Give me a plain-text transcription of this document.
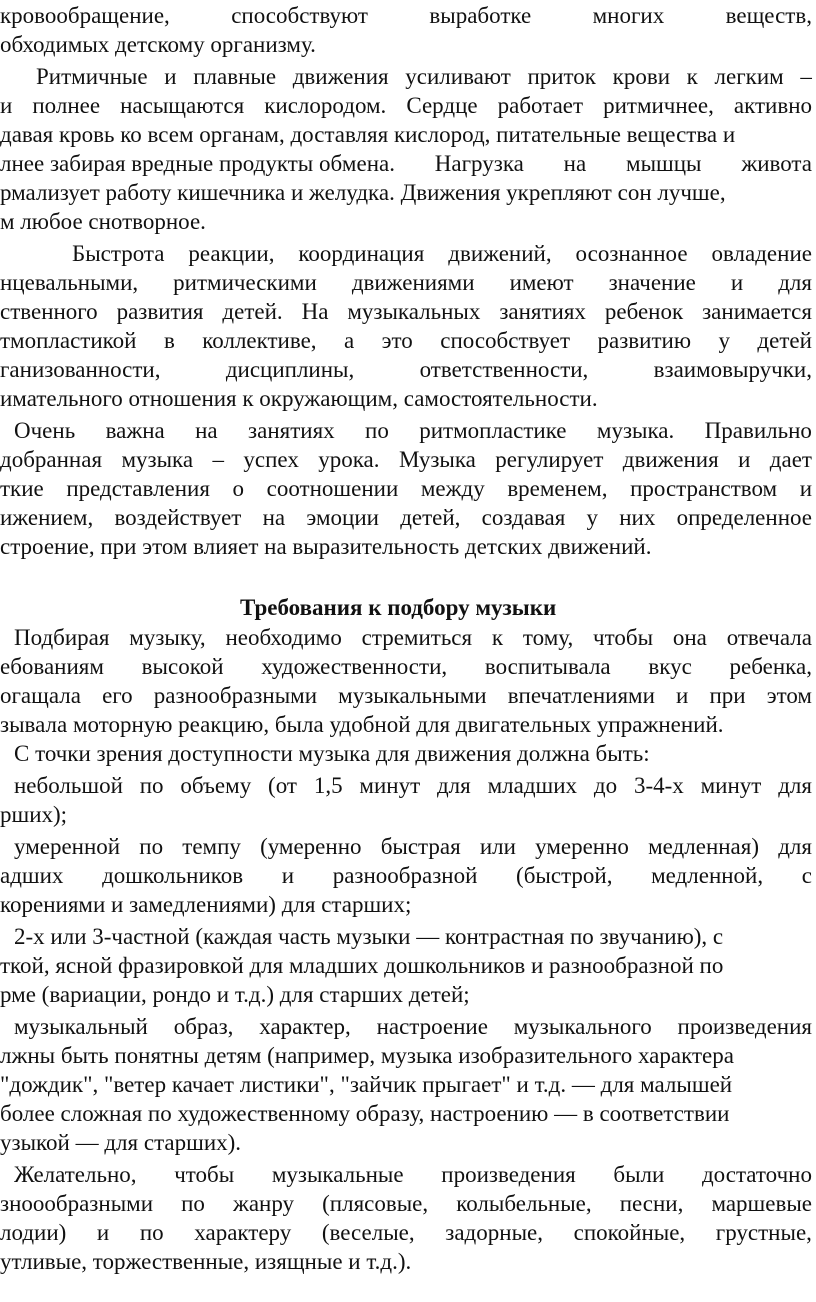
кровообращение,	способствуют	выработке	многих	веществ,
обходимых детскому организму.
Ритмичные и плавные движения усиливают приток крови к легким –
и полнее насыщаются кислородом. Сердце работает ритмичнее, активно
давая кровь ко всем органам, доставляя кислород, питательные вещества и
лнее забирая вредные продукты обмена. Нагрузка на мышцы живота
рмализует работу кишечника и желудка. Движения укрепляют сон лучше,
м любое снотворное.
Быстрота реакции, координация движений, осознанное овладение
нцевальными, ритмическими движениями имеют значение и для
ственного развития детей. На музыкальных занятиях ребенок занимается
тмопластикой в коллективе, а это способствует развитию у детей
ганизованности,	дисциплины,	ответственности,	взаимовыручки,
имательного отношения к окружающим, самостоятельности.
Очень важна на занятиях по ритмопластике музыка. Правильно
добранная музыка – успех урока. Музыка регулирует движения и дает
ткие представления о соотношении между временем, пространством и
ижением, воздействует на эмоции детей, создавая у них определенное
строение, при этом влияет на выразительность детских движений.
Требования к подбору музыки
Подбирая музыку, необходимо стремиться к тому, чтобы она отвечала
ебованиям высокой художественности, воспитывала вкус ребенка,
огащала его разнообразными музыкальными впечатлениями и при этом
зывала моторную реакцию, была удобной для двигательных упражнений.
С точки зрения доступности музыка для движения должна быть:
небольшой по объему (от 1,5 минут для младших до 3-4-х минут для
рших);
умеренной по темпу (умеренно быстрая или умеренно медленная) для
адших дошкольников и разнообразной (быстрой, медленной, с
корениями и замедлениями) для старших;
2-х или 3-частной (каждая часть музыки — контрастная по звучанию), с
ткой, ясной фразировкой для младших дошкольников и разнообразной по
рме (вариации, рондо и т.д.) для старших детей;
музыкальный образ, характер, настроение музыкального произведения
лжны быть понятны детям (например, музыка изобразительного характера
"дождик", "ветер качает листики", "зайчик прыгает" и т.д. — для малышей
более сложная по художественному образу, настроению — в соответствии
узыкой — для старших).
Желательно, чтобы музыкальные произведения были достаточно
зноообразными по жанру (плясовые, колыбельные, песни, маршевые
лодии) и по характеру (веселые, задорные, спокойные, грустные,
утливые, торжественные, изящные и т.д.).
